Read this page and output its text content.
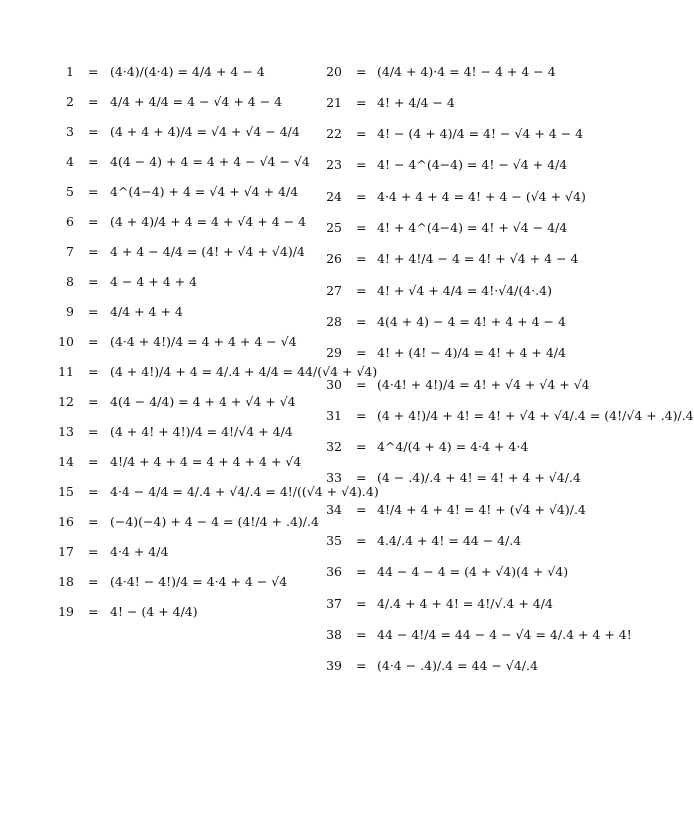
1 = (4·4)/(4·4) = 4/4 + 4 − 4
2 = 4/4 + 4/4 = 4 − √4 + 4 − 4
3 = (4 + 4 + 4)/4 = √4 + √4 − 4/4
4 = 4(4 − 4) + 4 = 4 + 4 − √4 − √4
5 = 4^(4−4) + 4 = √4 + √4 + 4/4
6 = (4 + 4)/4 + 4 = 4 + √4 + 4 − 4
7 = 4 + 4 − 4/4 = (4! + √4 + √4)/4
8 = 4 − 4 + 4 + 4
9 = 4/4 + 4 + 4
10 = (4·4 + 4!)/4 = 4 + 4 + 4 − √4
11 = (4 + 4!)/4 + 4 = 4/.4 + 4/4 = 44/(√4 + √4)
12 = 4(4 − 4/4) = 4 + 4 + √4 + √4
13 = (4 + 4! + 4!)/4 = 4!/√4 + 4/4
14 = 4!/4 + 4 + 4 = 4 + 4 + 4 + √4
15 = 4·4 − 4/4 = 4/.4 + √4/.4 = 4!/((√4 + √4).4)
16 = (−4)(−4) + 4 − 4 = (4!/4 + .4)/.4
17 = 4·4 + 4/4
18 = (4·4! − 4!)/4 = 4·4 + 4 − √4
19 = 4! − (4 + 4/4)
20 = (4/4 + 4)·4 = 4! − 4 + 4 − 4
21 = 4! + 4/4 − 4
22 = 4! − (4 + 4)/4 = 4! − √4 + 4 − 4
23 = 4! − 4^(4−4) = 4! − √4 + 4/4
24 = 4·4 + 4 + 4 = 4! + 4 − (√4 + √4)
25 = 4! + 4^(4−4) = 4! + √4 − 4/4
26 = 4! + 4!/4 − 4 = 4! + √4 + 4 − 4
27 = 4! + √4 + 4/4 = 4!·√4/(4·.4)
28 = 4(4 + 4) − 4 = 4! + 4 + 4 − 4
29 = 4! + (4! − 4)/4 = 4! + 4 + 4/4
30 = (4·4! + 4!)/4 = 4! + √4 + √4 + √4
31 = (4 + 4!)/4 + 4! = 4! + √4 + √4/.4 = (4!/√4 + .4)/.4
32 = 4^4/(4 + 4) = 4·4 + 4·4
33 = (4 − .4)/.4 + 4! = 4! + 4 + √4/.4
34 = 4!/4 + 4 + 4! = 4! + (√4 + √4)/.4
35 = 4.4/.4 + 4! = 44 − 4/.4
36 = 44 − 4 − 4 = (4 + √4)(4 + √4)
37 = 4/.4 + 4 + 4! = 4!/√.4 + 4/4
38 = 44 − 4!/4 = 44 − 4 − √4 = 4/.4 + 4 + 4!
39 = (4·4 − .4)/.4 = 44 − √4/.4
